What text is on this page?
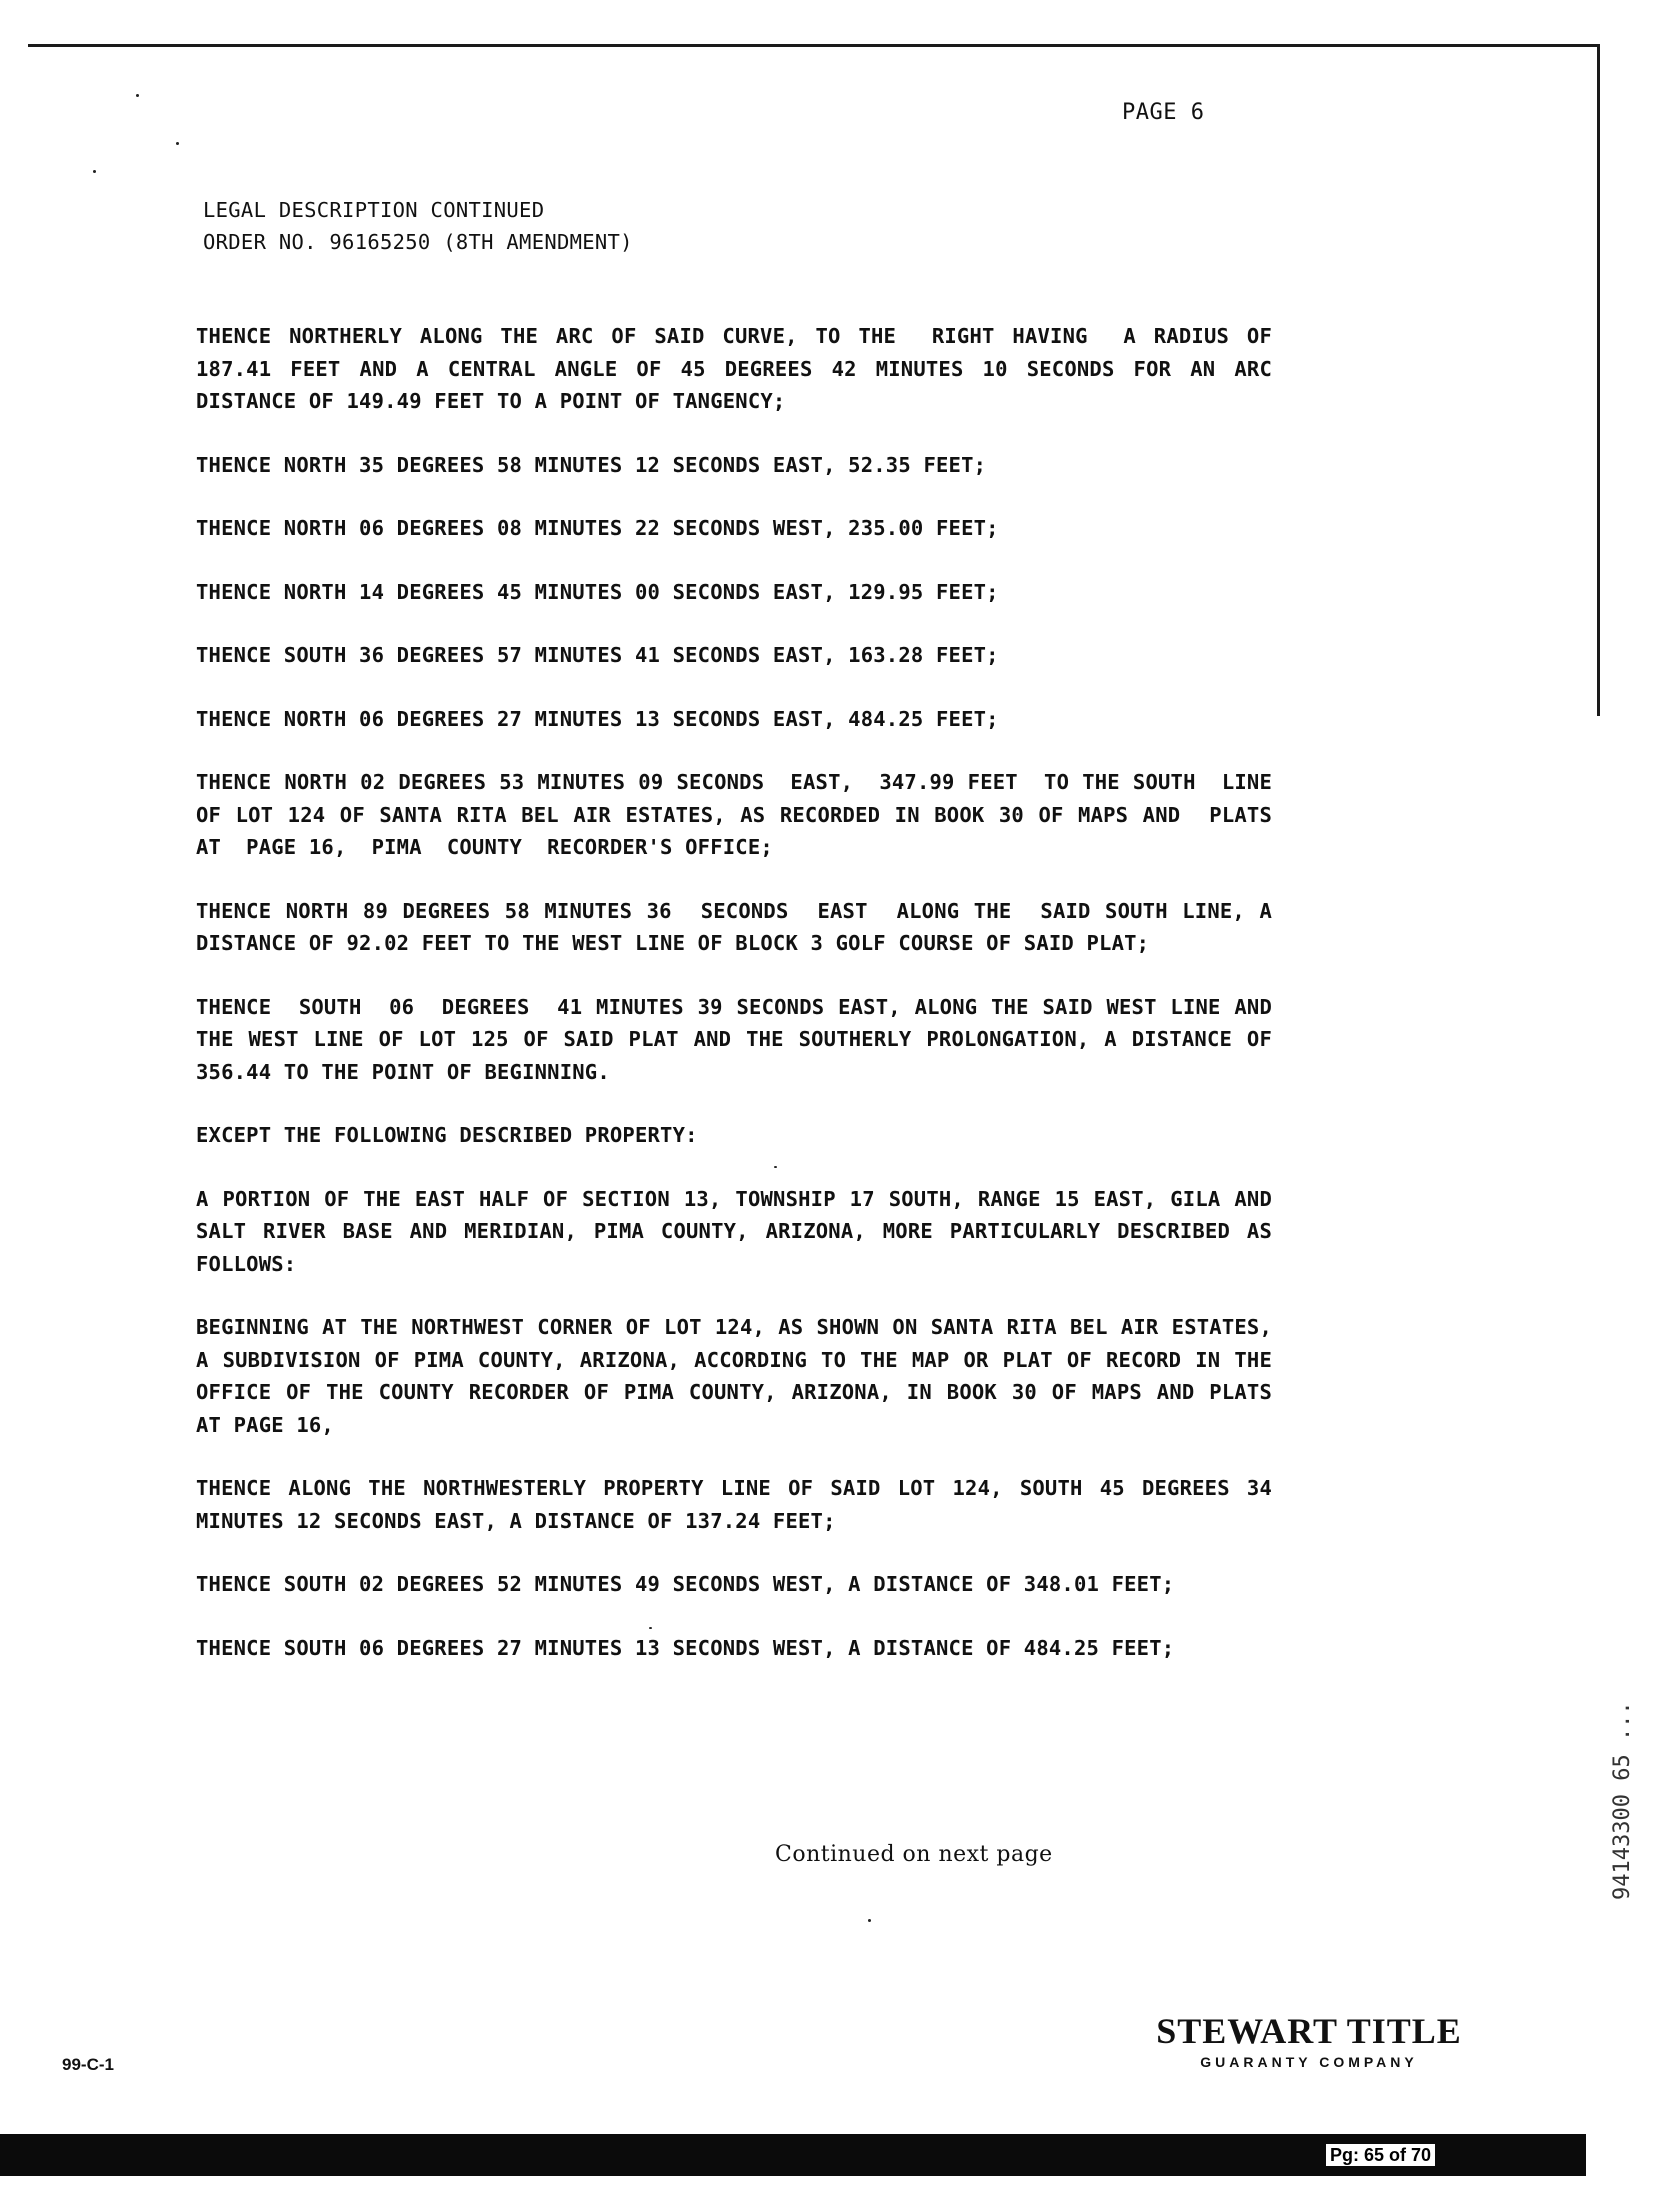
PAGE 6
LEGAL DESCRIPTION CONTINUED
ORDER NO. 96165250 (8TH AMENDMENT)

THENCE NORTHERLY ALONG THE ARC OF SAID CURVE, TO THE  RIGHT HAVING  A RADIUS OF 187.41 FEET AND A CENTRAL ANGLE OF 45 DEGREES 42 MINUTES 10 SECONDS FOR AN ARC DISTANCE OF 149.49 FEET TO A POINT OF TANGENCY;

THENCE NORTH 35 DEGREES 58 MINUTES 12 SECONDS EAST, 52.35 FEET;

THENCE NORTH 06 DEGREES 08 MINUTES 22 SECONDS WEST, 235.00 FEET;

THENCE NORTH 14 DEGREES 45 MINUTES 00 SECONDS EAST, 129.95 FEET;

THENCE SOUTH 36 DEGREES 57 MINUTES 41 SECONDS EAST, 163.28 FEET;

THENCE NORTH 06 DEGREES 27 MINUTES 13 SECONDS EAST, 484.25 FEET;

THENCE NORTH 02 DEGREES 53 MINUTES 09 SECONDS  EAST,  347.99 FEET  TO THE SOUTH  LINE OF LOT 124 OF SANTA RITA BEL AIR ESTATES, AS RECORDED IN BOOK 30 OF MAPS AND  PLATS  AT  PAGE 16,  PIMA  COUNTY  RECORDER'S OFFICE;

THENCE NORTH 89 DEGREES 58 MINUTES 36  SECONDS  EAST  ALONG THE  SAID SOUTH LINE, A DISTANCE OF 92.02 FEET TO THE WEST LINE OF BLOCK 3 GOLF COURSE OF SAID PLAT;

THENCE  SOUTH  06  DEGREES  41 MINUTES 39 SECONDS EAST, ALONG THE SAID WEST LINE AND THE WEST LINE OF LOT 125 OF SAID PLAT AND THE SOUTHERLY PROLONGATION, A DISTANCE OF 356.44 TO THE POINT OF BEGINNING.

EXCEPT THE FOLLOWING DESCRIBED PROPERTY:

A PORTION OF THE EAST HALF OF SECTION 13, TOWNSHIP 17 SOUTH, RANGE 15 EAST, GILA AND SALT RIVER BASE AND MERIDIAN, PIMA COUNTY, ARIZONA, MORE PARTICULARLY DESCRIBED AS FOLLOWS:

BEGINNING AT THE NORTHWEST CORNER OF LOT 124, AS SHOWN ON SANTA RITA BEL AIR ESTATES, A SUBDIVISION OF PIMA COUNTY, ARIZONA, ACCORDING TO THE MAP OR PLAT OF RECORD IN THE OFFICE OF THE COUNTY RECORDER OF PIMA COUNTY, ARIZONA, IN BOOK 30 OF MAPS AND PLATS AT PAGE 16,

THENCE ALONG THE NORTHWESTERLY PROPERTY LINE OF SAID LOT 124, SOUTH 45 DEGREES 34 MINUTES 12 SECONDS EAST, A DISTANCE OF 137.24 FEET;

THENCE SOUTH 02 DEGREES 52 MINUTES 49 SECONDS WEST, A DISTANCE OF 348.01 FEET;

THENCE SOUTH 06 DEGREES 27 MINUTES 13 SECONDS WEST, A DISTANCE OF 484.25 FEET;

Continued on next page
99-C-1
STEWART TITLE
GUARANTY COMPANY
Pg: 65 of 70
94143300 65 ...
